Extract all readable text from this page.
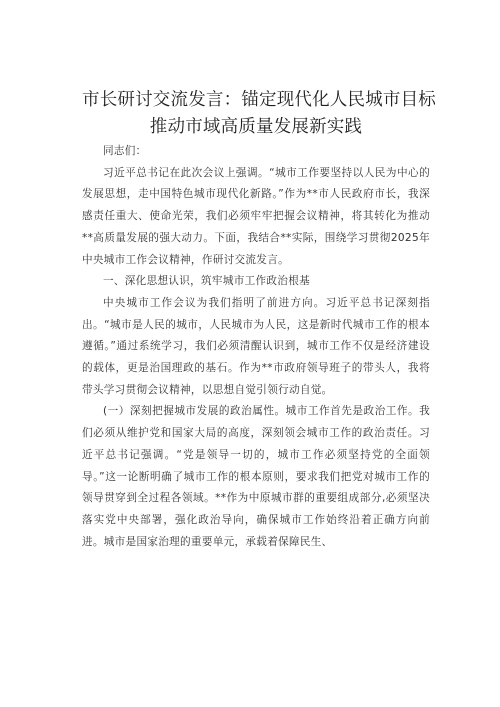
市长研讨交流发言：锚定现代化人民城市目标
推动市域高质量发展新实践

同志们：

习近平总书记在此次会议上强调。“城市工作要坚持以人民为中心的发展思想，走中国特色城市现代化新路。”作为**市人民政府市长，我深感责任重大、使命光荣，我们必须牢牢把握会议精神，将其转化为推动**高质量发展的强大动力。下面，我结合**实际，围绕学习贯彻2025年中央城市工作会议精神，作研讨交流发言。

一、深化思想认识，筑牢城市工作政治根基

中央城市工作会议为我们指明了前进方向。习近平总书记深刻指出。“城市是人民的城市，人民城市为人民，这是新时代城市工作的根本遵循。”通过系统学习，我们必须清醒认识到，城市工作不仅是经济建设的载体，更是治国理政的基石。作为**市政府领导班子的带头人，我将带头学习贯彻会议精神，以思想自觉引领行动自觉。

(一）深刻把握城市发展的政治属性。城市工作首先是政治工作。我们必须从维护党和国家大局的高度，深刻领会城市工作的政治责任。习近平总书记强调。“党是领导一切的，城市工作必须坚持党的全面领导。”这一论断明确了城市工作的根本原则，要求我们把党对城市工作的领导贯穿到全过程各领域。**作为中原城市群的重要组成部分,必须坚决落实党中央部署，强化政治导向，确保城市工作始终沿着正确方向前进。城市是国家治理的重要单元，承载着保障民生、
